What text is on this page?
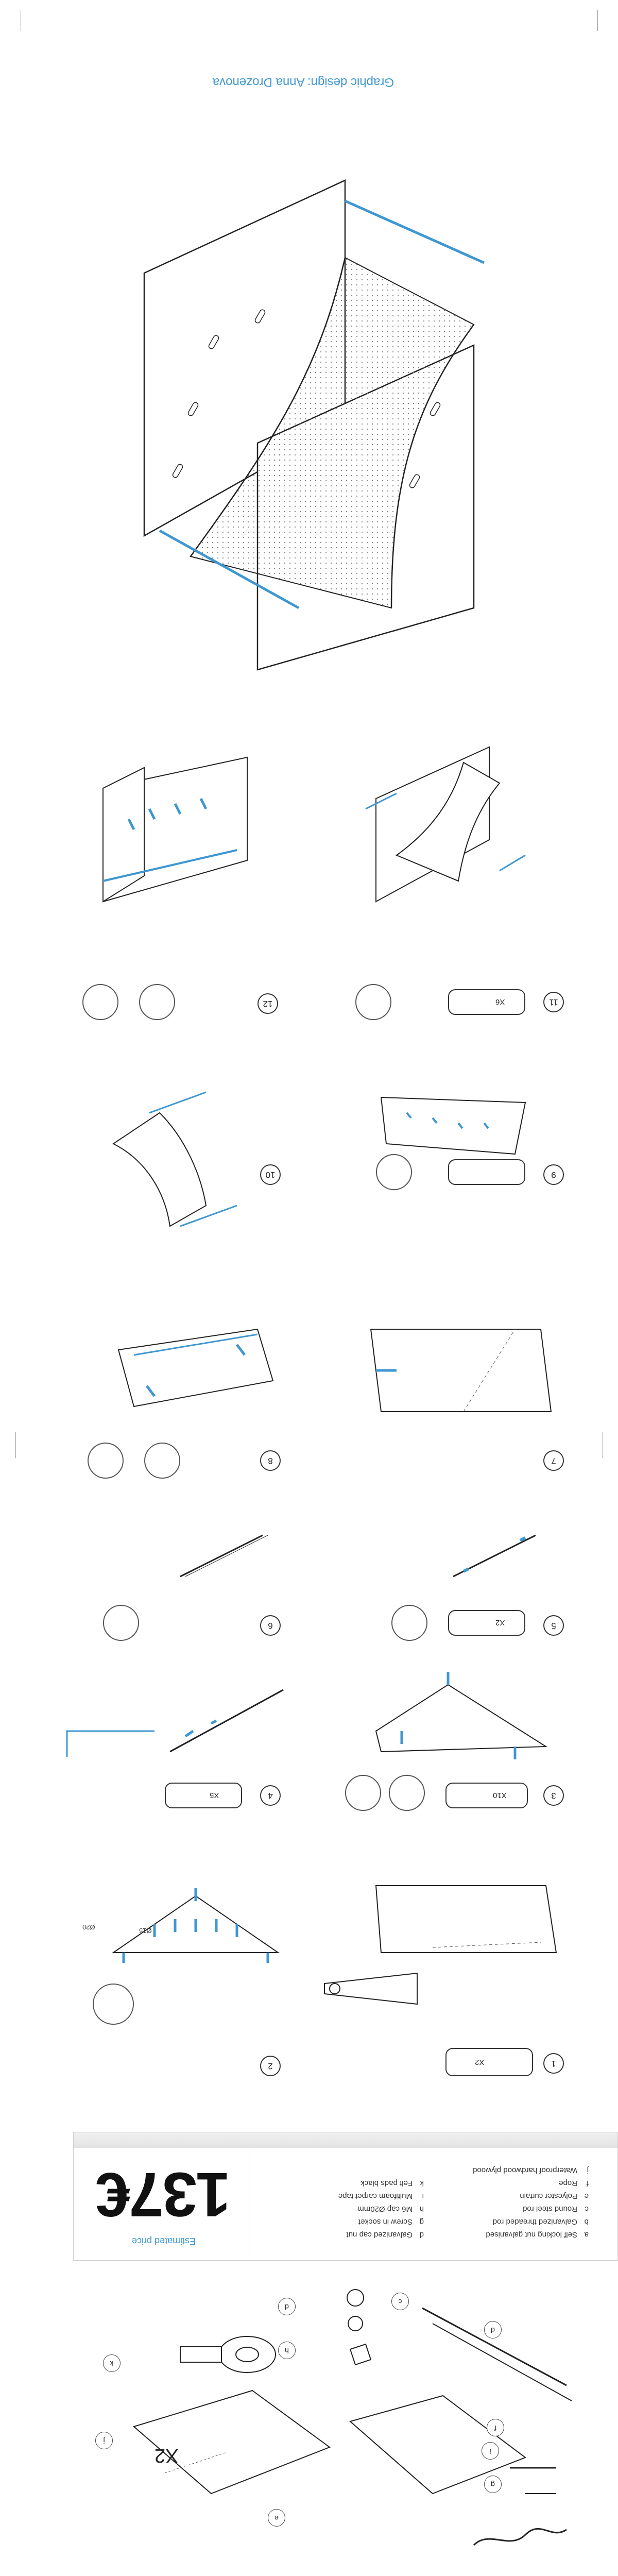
Graphic design: Anna Drozenova
12	X6	11
10	9
8	7
6	X2	5
X5	4	X10	3
Ø20	Ø15
2	X2	1
137€
Estimated price
aSelf locking nut galvanised
bGalvanized threaded rod
cRound steel rod
ePolyester curtain
fRope
jWaterproof hardwood plywood
dGalvanized cap nut
gScrew in socket
hM6 cap Ø20mm
iMultifoam carpet tape
kFelt pads black
X2
c
d
e
f
g
h
i
j
k
d
